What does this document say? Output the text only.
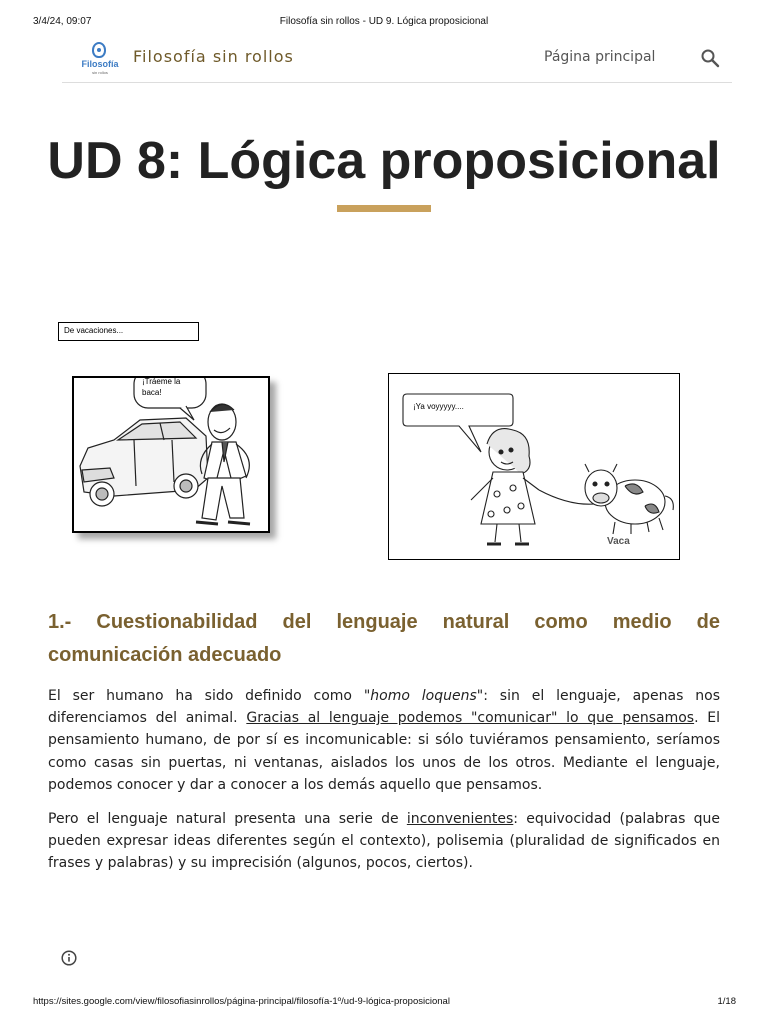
3/4/24, 09:07	Filosofía sin rollos - UD 9. Lógica proposicional
Filosofía
sin rollos
Filosofía sin rollos	Página principal
UD 8: Lógica proposicional
De vacaciones...
¡Tráeme la
baca!
¡Ya voyyyyy....
Vaca
1.- Cuestionabilidad del lenguaje natural como medio de comunicación adecuado

El ser humano ha sido definido como "homo loquens": sin el lenguaje, apenas nos diferenciamos del animal. Gracias al lenguaje podemos "comunicar" lo que pensamos. El pensamiento humano, de por sí es incomunicable: si sólo tuviéramos pensamiento, seríamos como casas sin puertas, ni ventanas, aislados los unos de los otros. Mediante el lenguaje, podemos conocer y dar a conocer a los demás aquello que pensamos.

Pero el lenguaje natural presenta una serie de inconvenientes: equivocidad (palabras que pueden expresar ideas diferentes según el contexto), polisemia (pluralidad de significados en frases y palabras) y su imprecisión (algunos, pocos, ciertos).

https://sites.google.com/view/filosofiasinrollos/página-principal/filosofía-1º/ud-9-lógica-proposicional	1/18
